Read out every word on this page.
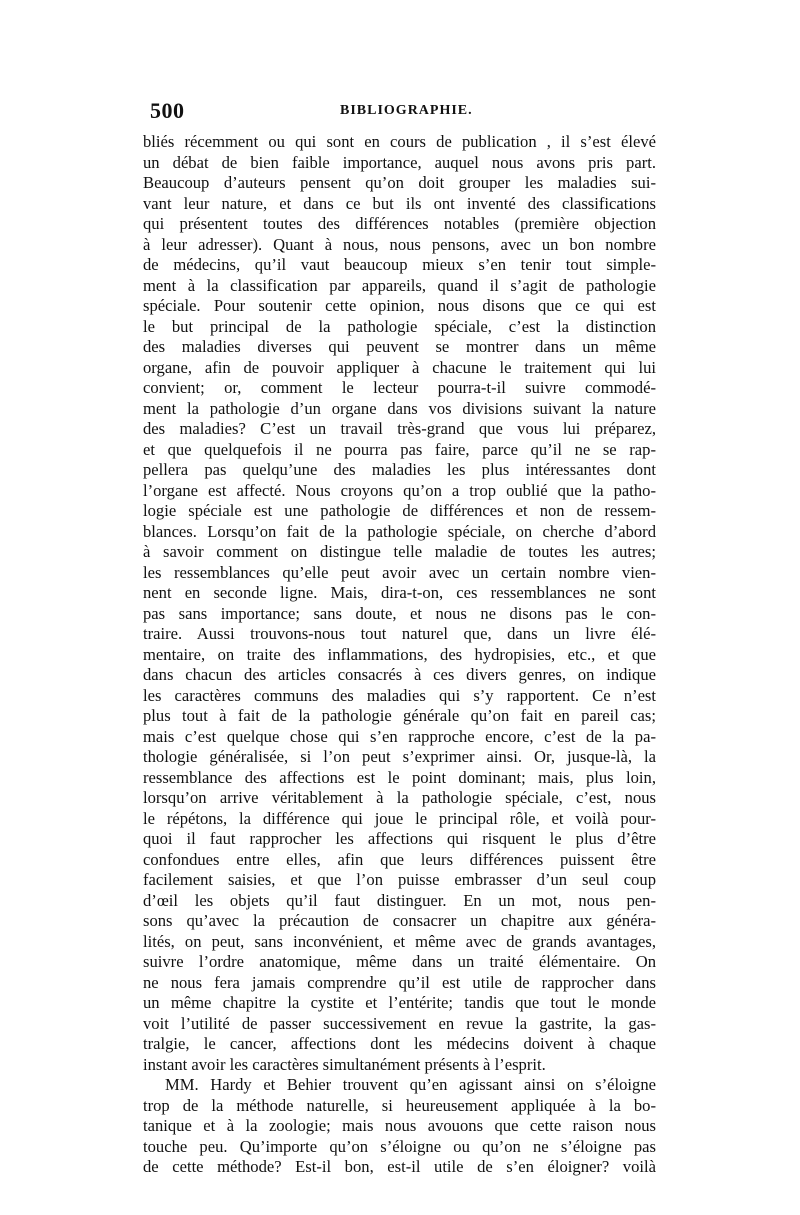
500	BIBLIOGRAPHIE.
bliés récemment ou qui sont en cours de publication , il s’est élevé
un débat de bien faible importance, auquel nous avons pris part.
Beaucoup d’auteurs pensent qu’on doit grouper les maladies sui-
vant leur nature, et dans ce but ils ont inventé des classifications
qui présentent toutes des différences notables (première objection
à leur adresser). Quant à nous, nous pensons, avec un bon nombre
de médecins, qu’il vaut beaucoup mieux s’en tenir tout simple-
ment à la classification par appareils, quand il s’agit de pathologie
spéciale. Pour soutenir cette opinion, nous disons que ce qui est
le but principal de la pathologie spéciale, c’est la distinction
des maladies diverses qui peuvent se montrer dans un même
organe, afin de pouvoir appliquer à chacune le traitement qui lui
convient; or, comment le lecteur pourra-t-il suivre commodé-
ment la pathologie d’un organe dans vos divisions suivant la nature
des maladies? C’est un travail très-grand que vous lui préparez,
et que quelquefois il ne pourra pas faire, parce qu’il ne se rap-
pellera pas quelqu’une des maladies les plus intéressantes dont
l’organe est affecté. Nous croyons qu’on a trop oublié que la patho-
logie spéciale est une pathologie de différences et non de ressem-
blances. Lorsqu’on fait de la pathologie spéciale, on cherche d’abord
à savoir comment on distingue telle maladie de toutes les autres;
les ressemblances qu’elle peut avoir avec un certain nombre vien-
nent en seconde ligne. Mais, dira-t-on, ces ressemblances ne sont
pas sans importance; sans doute, et nous ne disons pas le con-
traire. Aussi trouvons-nous tout naturel que, dans un livre élé-
mentaire, on traite des inflammations, des hydropisies, etc., et que
dans chacun des articles consacrés à ces divers genres, on indique
les caractères communs des maladies qui s’y rapportent. Ce n’est
plus tout à fait de la pathologie générale qu’on fait en pareil cas;
mais c’est quelque chose qui s’en rapproche encore, c’est de la pa-
thologie généralisée, si l’on peut s’exprimer ainsi. Or, jusque-là, la
ressemblance des affections est le point dominant; mais, plus loin,
lorsqu’on arrive véritablement à la pathologie spéciale, c’est, nous
le répétons, la différence qui joue le principal rôle, et voilà pour-
quoi il faut rapprocher les affections qui risquent le plus d’être
confondues entre elles, afin que leurs différences puissent être
facilement saisies, et que l’on puisse embrasser d’un seul coup
d’œil les objets qu’il faut distinguer. En un mot, nous pen-
sons qu’avec la précaution de consacrer un chapitre aux généra-
lités, on peut, sans inconvénient, et même avec de grands avantages,
suivre l’ordre anatomique, même dans un traité élémentaire. On
ne nous fera jamais comprendre qu’il est utile de rapprocher dans
un même chapitre la cystite et l’entérite; tandis que tout le monde
voit l’utilité de passer successivement en revue la gastrite, la gas-
tralgie, le cancer, affections dont les médecins doivent à chaque
instant avoir les caractères simultanément présents à l’esprit.
MM. Hardy et Behier trouvent qu’en agissant ainsi on s’éloigne
trop de la méthode naturelle, si heureusement appliquée à la bo-
tanique et à la zoologie; mais nous avouons que cette raison nous
touche peu. Qu’importe qu’on s’éloigne ou qu’on ne s’éloigne pas
de cette méthode? Est-il bon, est-il utile de s’en éloigner? voilà
